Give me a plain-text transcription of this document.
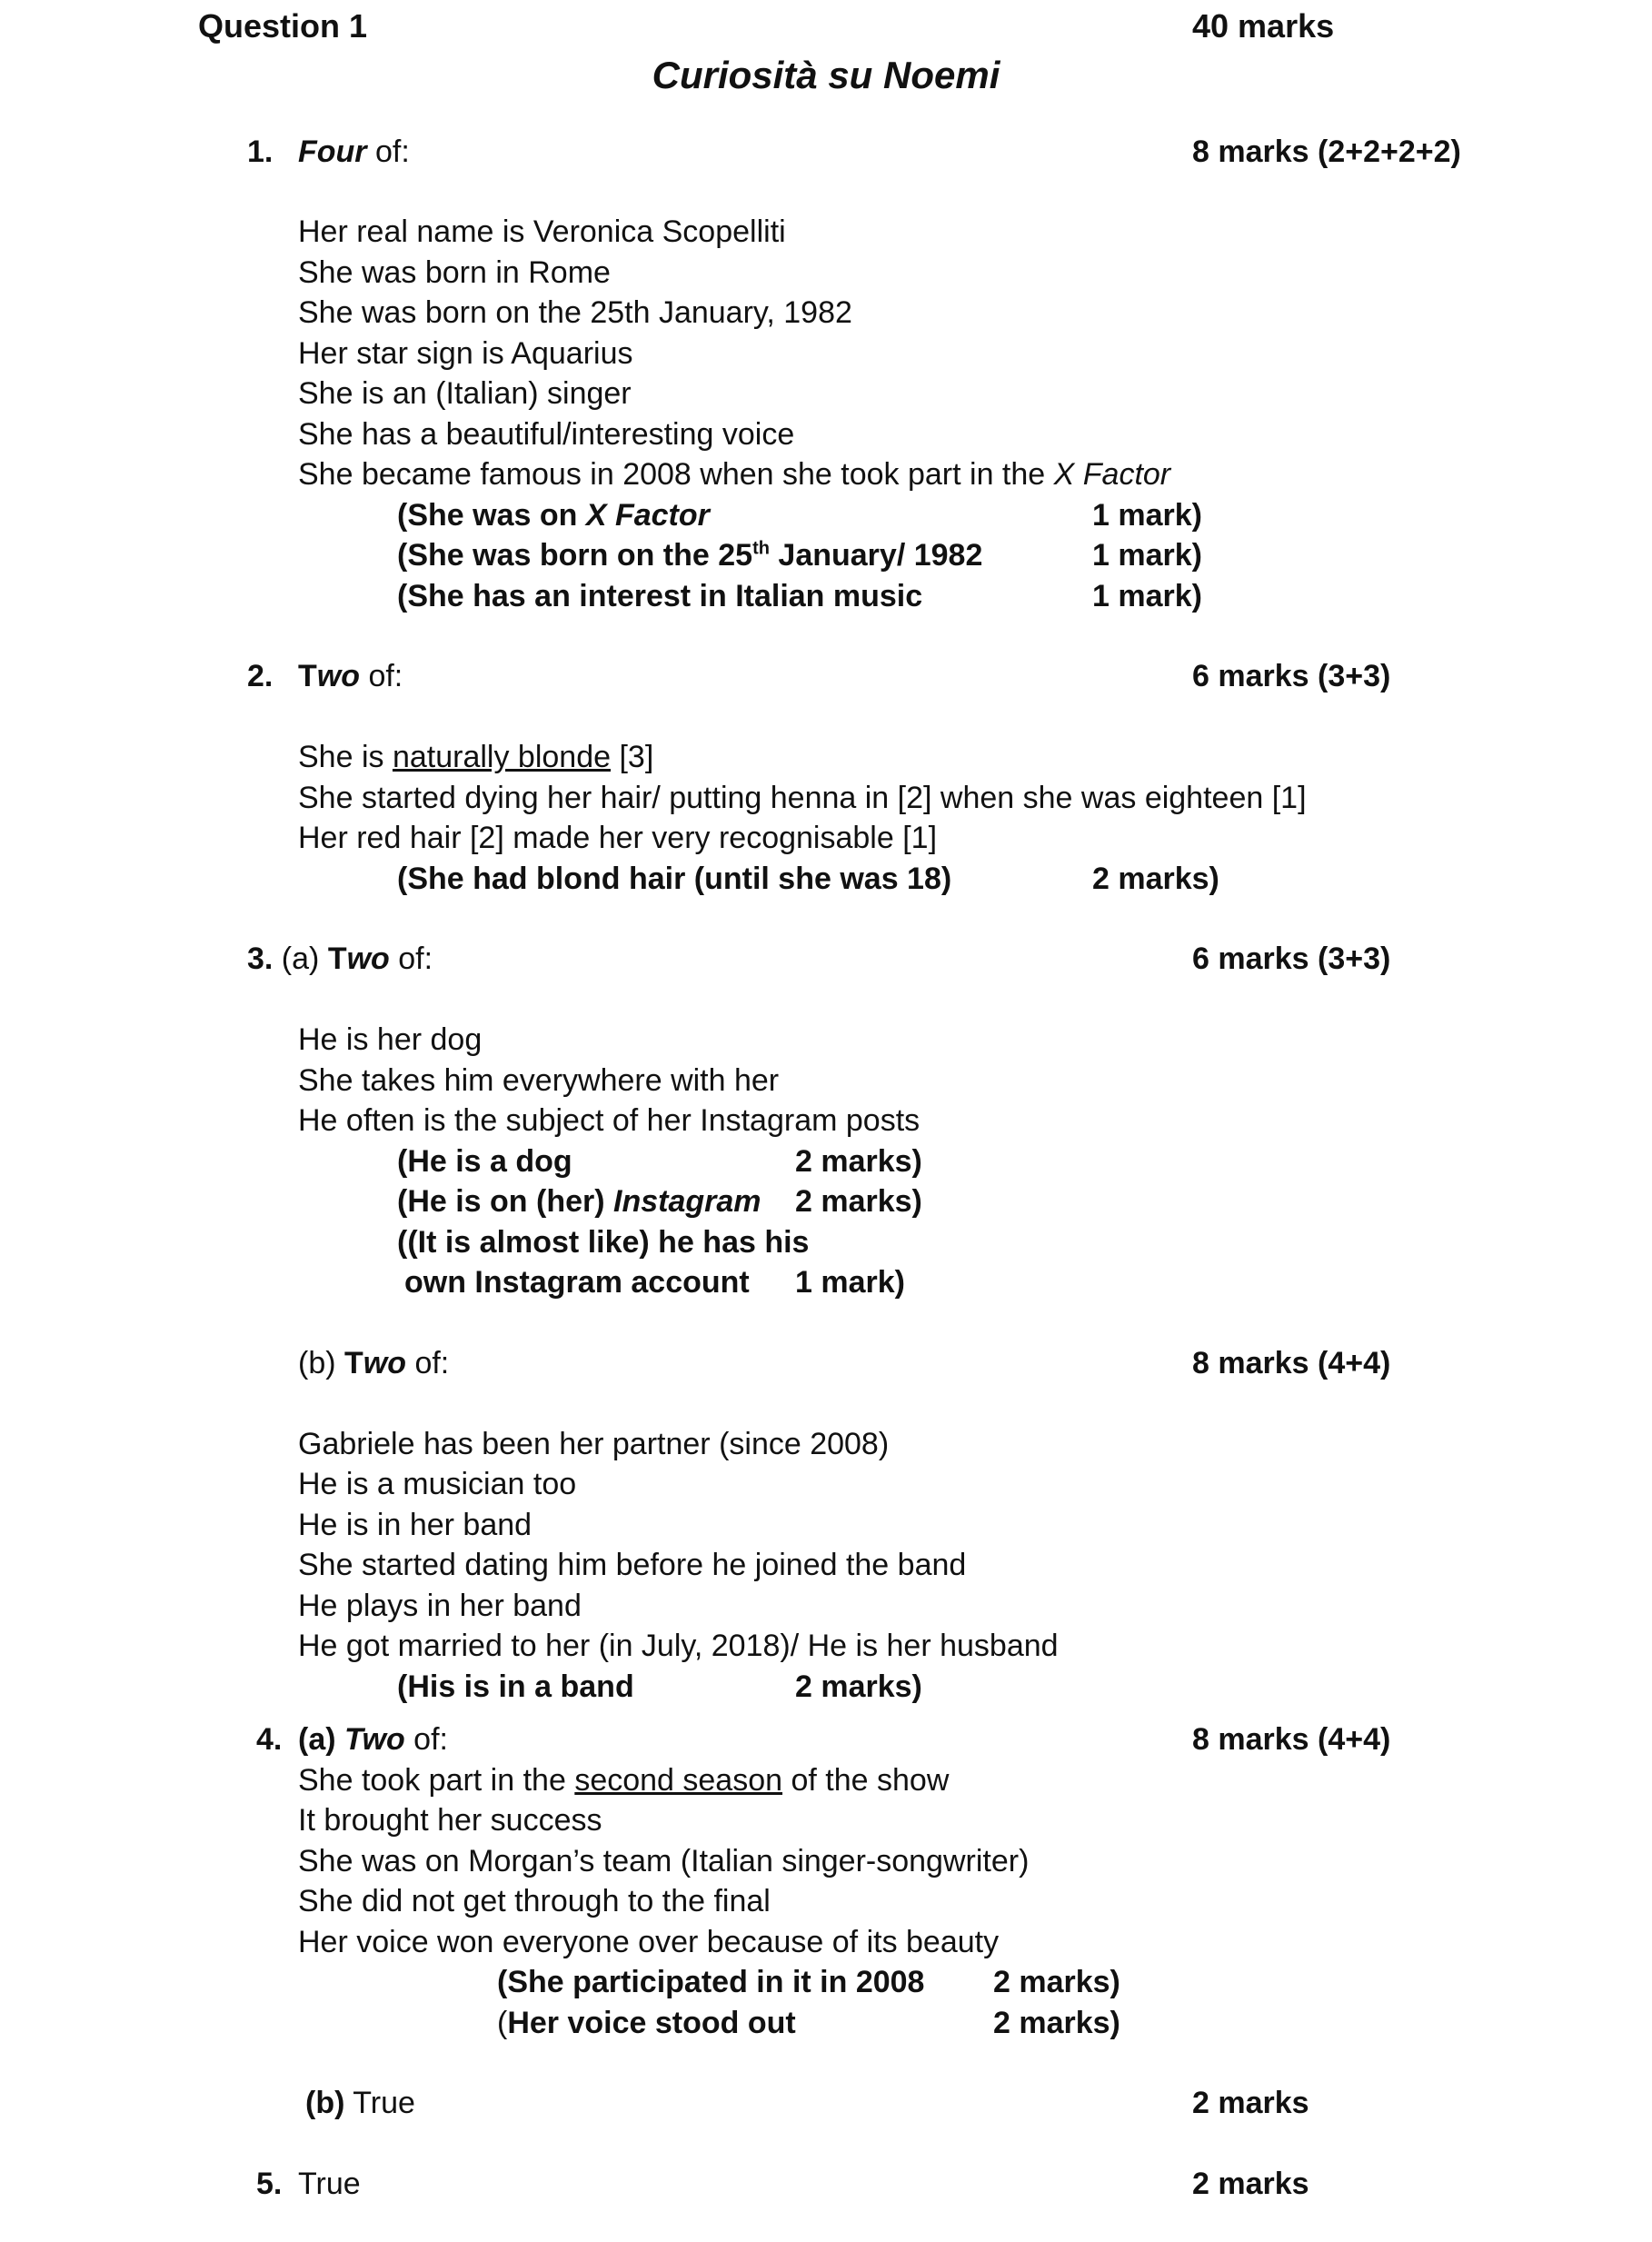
Question 1	40 marks
Curiosità su Noemi
1. Four of:	8 marks (2+2+2+2)
Her real name is Veronica Scopelliti
She was born in Rome
She was born on the 25th January, 1982
Her star sign is Aquarius
She is an (Italian) singer
She has a beautiful/interesting voice
She became famous in 2008 when she took part in the X Factor
(She was on X Factor	1 mark)
(She was born on the 25th January/ 1982	1 mark)
(She has an interest in Italian music	1 mark)
2. Two of:	6 marks (3+3)
She is naturally blonde [3]
She started dying her hair/ putting henna in [2] when she was eighteen [1]
Her red hair [2] made her very recognisable [1]
(She had blond hair (until she was 18)	2 marks)
3. (a) Two of:	6 marks (3+3)
He is her dog
She takes him everywhere with her
He often is the subject of her Instagram posts
(He is a dog	2 marks)
(He is on (her) Instagram 2 marks)
((It is almost like) he has his
own Instagram account 1 mark)
(b) Two of:	8 marks (4+4)
Gabriele has been her partner (since 2008)
He is a musician too
He is in her band
She started dating him before he joined the band
He plays in her band
He got married to her (in July, 2018)/ He is her husband
(His is in a band	2 marks)
4. (a) Two of:	8 marks (4+4)
She took part in the second season of the show
It brought her success
She was on Morgan’s team (Italian singer-songwriter)
She did not get through to the final
Her voice won everyone over because of its beauty
(She participated in it in 2008 2 marks)
(Her voice stood out	2 marks)
(b) True	2 marks
5. True	2 marks
